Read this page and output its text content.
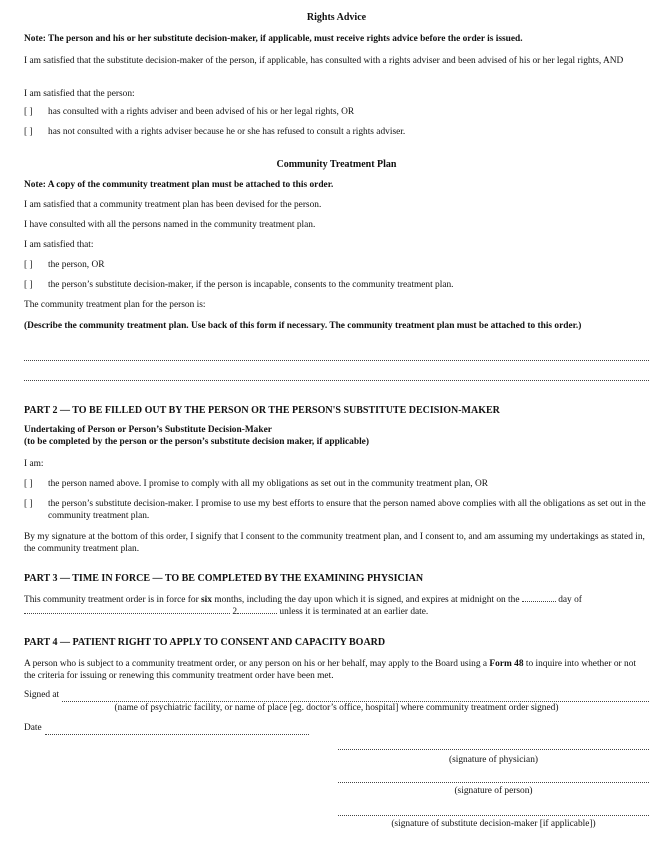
Rights Advice
Note: The person and his or her substitute decision-maker, if applicable, must receive rights advice before the order is issued.
I am satisfied that the substitute decision-maker of the person, if applicable, has consulted with a rights adviser and been advised of his or her legal rights, AND
I am satisfied that the person:
[ ]	has consulted with a rights adviser and been advised of his or her legal rights, OR
[ ]	has not consulted with a rights adviser because he or she has refused to consult a rights adviser.
Community Treatment Plan
Note: A copy of the community treatment plan must be attached to this order.
I am satisfied that a community treatment plan has been devised for the person.
I have consulted with all the persons named in the community treatment plan.
I am satisfied that:
[ ]	the person, OR
[ ]	the person’s substitute decision-maker, if the person is incapable, consents to the community treatment plan.
The community treatment plan for the person is:
(Describe the community treatment plan. Use back of this form if necessary. The community treatment plan must be attached to this order.)
PART 2 — TO BE FILLED OUT BY THE PERSON OR THE PERSON'S SUBSTITUTE DECISION-MAKER
Undertaking of Person or Person’s Substitute Decision-Maker
(to be completed by the person or the person’s substitute decision maker, if applicable)
I am:
[ ]	the person named above. I promise to comply with all my obligations as set out in the community treatment plan, OR
[ ]	the person’s substitute decision-maker. I promise to use my best efforts to ensure that the person named above complies with all the obligations as set out in the community treatment plan.
By my signature at the bottom of this order, I signify that I consent to the community treatment plan, and I consent to, and am assuming my undertakings as stated in, the community treatment plan.
PART 3 — TIME IN FORCE — TO BE COMPLETED BY THE EXAMINING PHYSICIAN
This community treatment order is in force for six months, including the day upon which it is signed, and expires at midnight on the	day of
2	unless it is terminated at an earlier date.
PART 4 — PATIENT RIGHT TO APPLY TO CONSENT AND CAPACITY BOARD
A person who is subject to a community treatment order, or any person on his or her behalf, may apply to the Board using a Form 48 to inquire into whether or not the criteria for issuing or renewing this community treatment order have been met.
Signed at
(name of psychiatric facility, or name of place [eg. doctor’s office, hospital] where community treatment order signed)
Date
(signature of physician)
(signature of person)
(signature of substitute decision-maker [if applicable])
